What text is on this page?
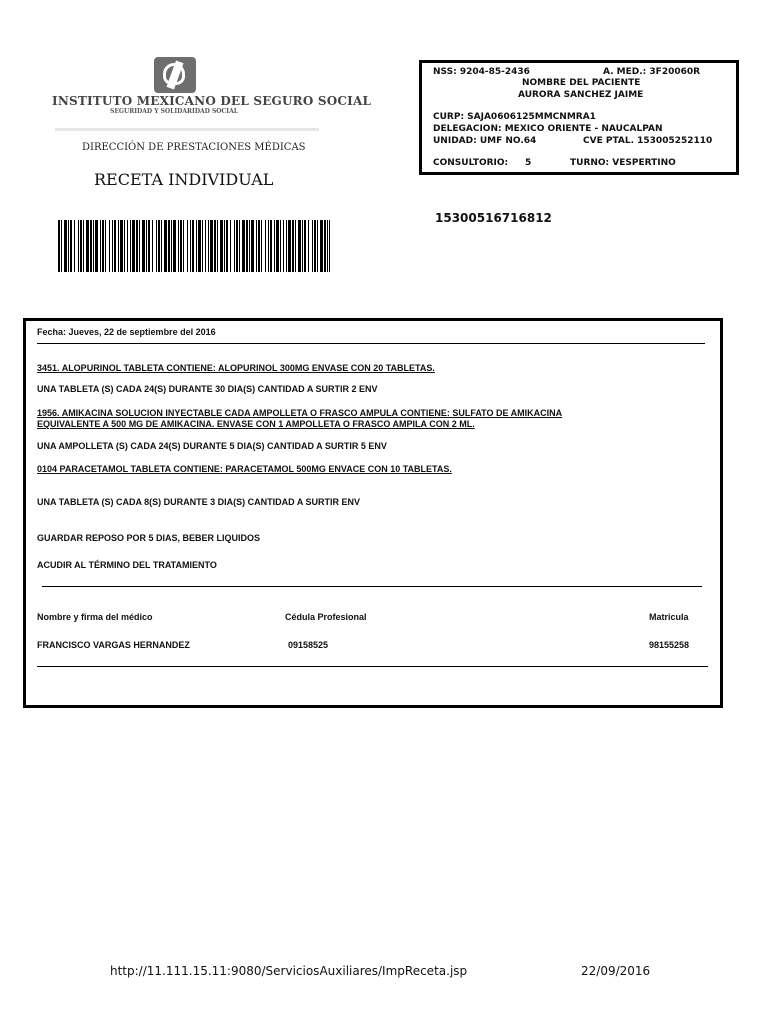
INSTITUTO MEXICANO DEL SEGURO SOCIAL
SEGURIDAD Y SOLIDARIDAD SOCIAL
DIRECCIÓN DE PRESTACIONES MÉDICAS
RECETA INDIVIDUAL
NSS: 9204-85-2436	A. MED.: 3F20060R
NOMBRE DEL PACIENTE
AURORA SANCHEZ JAIME
CURP: SAJA0606125MMCNMRA1
DELEGACION: MEXICO ORIENTE - NAUCALPAN
UNIDAD: UMF NO.64	CVE PTAL. 153005252110
CONSULTORIO: 5	TURNO: VESPERTINO
15300516716812
Fecha: Jueves, 22 de septiembre del 2016
3451. ALOPURINOL TABLETA CONTIENE: ALOPURINOL 300MG ENVASE CON 20 TABLETAS.
UNA TABLETA (S) CADA 24(S) DURANTE 30 DIA(S) CANTIDAD A SURTIR 2 ENV
1956. AMIKACINA SOLUCION INYECTABLE CADA AMPOLLETA O FRASCO AMPULA CONTIENE: SULFATO DE AMIKACINA
EQUIVALENTE A 500 MG DE AMIKACINA. ENVASE CON 1 AMPOLLETA O FRASCO AMPILA CON 2 ML.
UNA AMPOLLETA (S) CADA 24(S) DURANTE 5 DIA(S) CANTIDAD A SURTIR 5 ENV
0104 PARACETAMOL TABLETA CONTIENE: PARACETAMOL 500MG ENVACE CON 10 TABLETAS.
UNA TABLETA (S) CADA 8(S) DURANTE 3 DIA(S) CANTIDAD A SURTIR ENV
GUARDAR REPOSO POR 5 DIAS, BEBER LIQUIDOS
ACUDIR AL TÉRMINO DEL TRATAMIENTO
Nombre y firma del médico	Cédula Profesional	Matricula
FRANCISCO VARGAS HERNANDEZ	09158525	98155258
http://11.111.15.11:9080/ServiciosAuxiliares/ImpReceta.jsp	22/09/2016
